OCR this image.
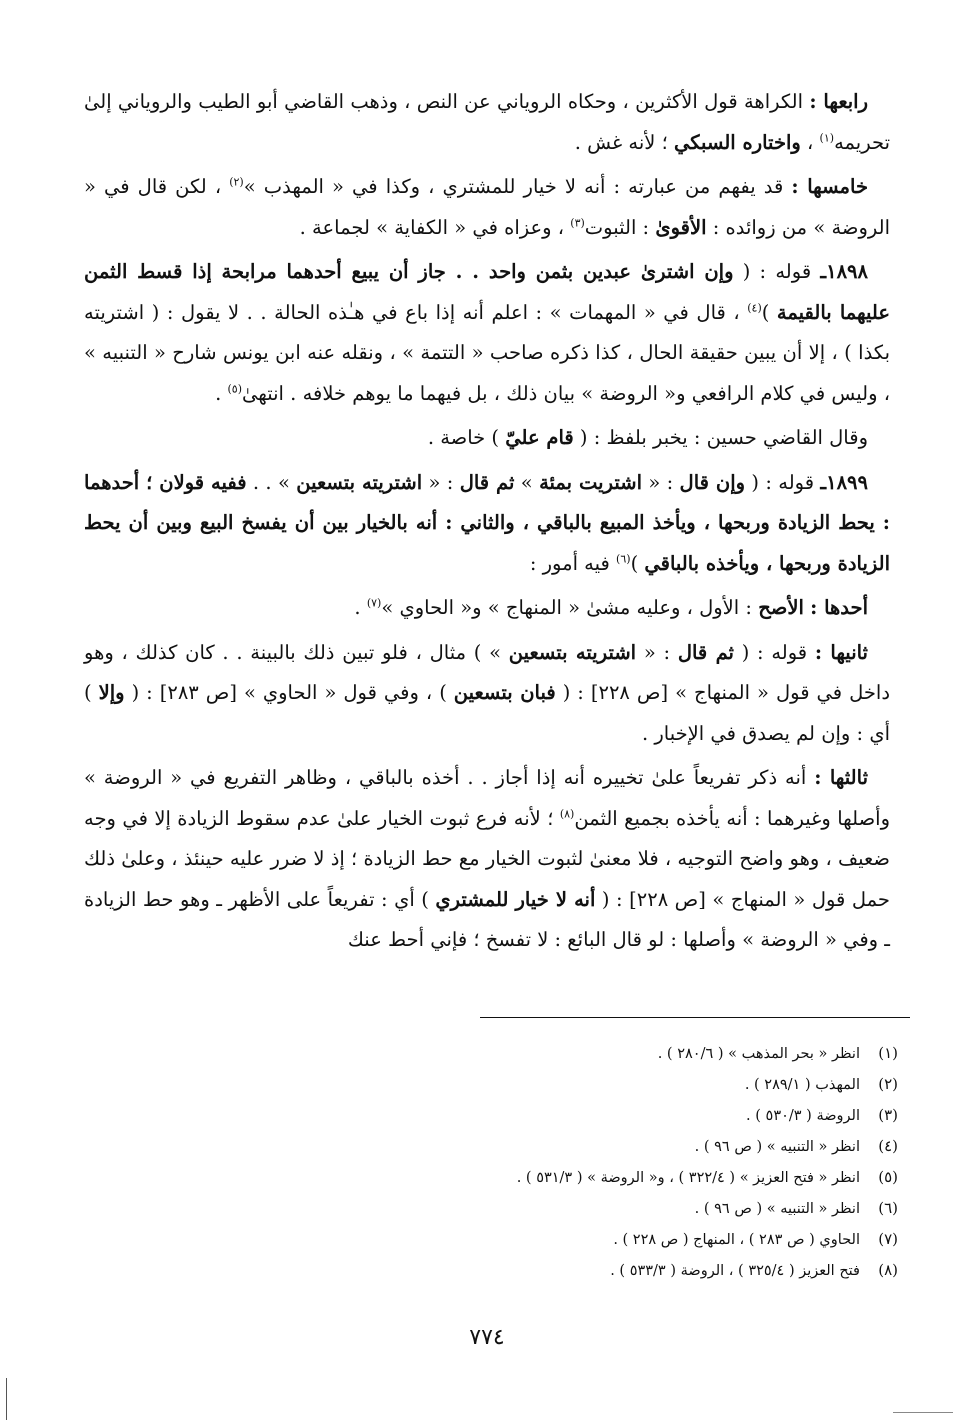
رابعها : الكراهة قول الأكثرين ، وحكاه الروياني عن النص ، وذهب القاضي أبو الطيب والروياني إلىٰ تحريمه$^{(١)}$ ، واختاره السبكي ؛ لأنه غش .

خامسها : قد يفهم من عبارته : أنه لا خيار للمشتري ، وكذا في « المهذب »$^{(٢)}$ ، لكن قال في « الروضة » من زوائده : الأقوىٰ : الثبوت$^{(٣)}$ ، وعزاه في « الكفاية » لجماعة .

١٨٩٨ـ قوله : ( وإن اشترىٰ عبدين بثمن واحد . . جاز أن يبيع أحدهما مرابحة إذا قسط الثمن عليهما بالقيمة )$^{(٤)}$ ، قال في « المهمات » : اعلم أنه إذا باع في هـٰذه الحالة . . لا يقول : ( اشتريته بكذا ) ، إلا أن يبين حقيقة الحال ، كذا ذكره صاحب « التتمة » ، ونقله عنه ابن يونس شارح « التنبيه » ، وليس في كلام الرافعي و« الروضة » بيان ذلك ، بل فيهما ما يوهم خلافه . انتهىٰ$^{(٥)}$ .

وقال القاضي حسين : يخبر بلفظ : ( قام عليّ ) خاصة .

١٨٩٩ـ قوله : ( وإن قال : « اشتريت بمئة » ثم قال : « اشتريته بتسعين » . . ففيه قولان ؛ أحدهما : يحط الزيادة وربحها ، ويأخذ المبيع بالباقي ، والثاني : أنه بالخيار بين أن يفسخ البيع وبين أن يحط الزيادة وربحها ، ويأخذه بالباقي )$^{(٦)}$ فيه أمور :

أحدها : الأصح : الأول ، وعليه مشىٰ « المنهاج » و« الحاوي »$^{(٧)}$ .

ثانيها : قوله : ( ثم قال : « اشتريته بتسعين » ) مثال ، فلو تبين ذلك بالبينة . . كان كذلك ، وهو داخل في قول « المنهاج » [ص ٢٢٨] : ( فبان بتسعين ) ، وفي قول « الحاوي » [ص ٢٨٣] : ( وإلا ) أي : وإن لم يصدق في الإخبار .

ثالثها : أنه ذكر تفريعاً علىٰ تخييره أنه إذا أجاز . . أخذه بالباقي ، وظاهر التفريع في « الروضة » وأصلها وغيرهما : أنه يأخذه بجميع الثمن$^{(٨)}$ ؛ لأنه فرع ثبوت الخيار علىٰ عدم سقوط الزيادة إلا في وجه ضعيف ، وهو واضح التوجيه ، فلا معنىٰ لثبوت الخيار مع حط الزيادة ؛ إذ لا ضرر عليه حينئذ ، وعلىٰ ذلك حمل قول « المنهاج » [ص ٢٢٨] : ( أنه لا خيار للمشتري ) أي : تفريعاً على الأظهر ـ وهو حط الزيادة ـ وفي « الروضة » وأصلها : لو قال البائع : لا تفسخ ؛ فإني أحط عنك

(١)
انظر « بحر المذهب » ( ٢٨٠/٦ ) .
(٢)
المهذب ( ٢٨٩/١ ) .
(٣)
الروضة ( ٥٣٠/٣ ) .
(٤)
انظر « التنبيه » ( ص ٩٦ ) .
(٥)
انظر « فتح العزيز » ( ٣٢٢/٤ ) ، و« الروضة » ( ٥٣١/٣ ) .
(٦)
انظر « التنبيه » ( ص ٩٦ ) .
(٧)
الحاوي ( ص ٢٨٣ ) ، المنهاج ( ص ٢٢٨ ) .
(٨)
فتح العزيز ( ٣٢٥/٤ ) ، الروضة ( ٥٣٣/٣ ) .
٧٧٤
